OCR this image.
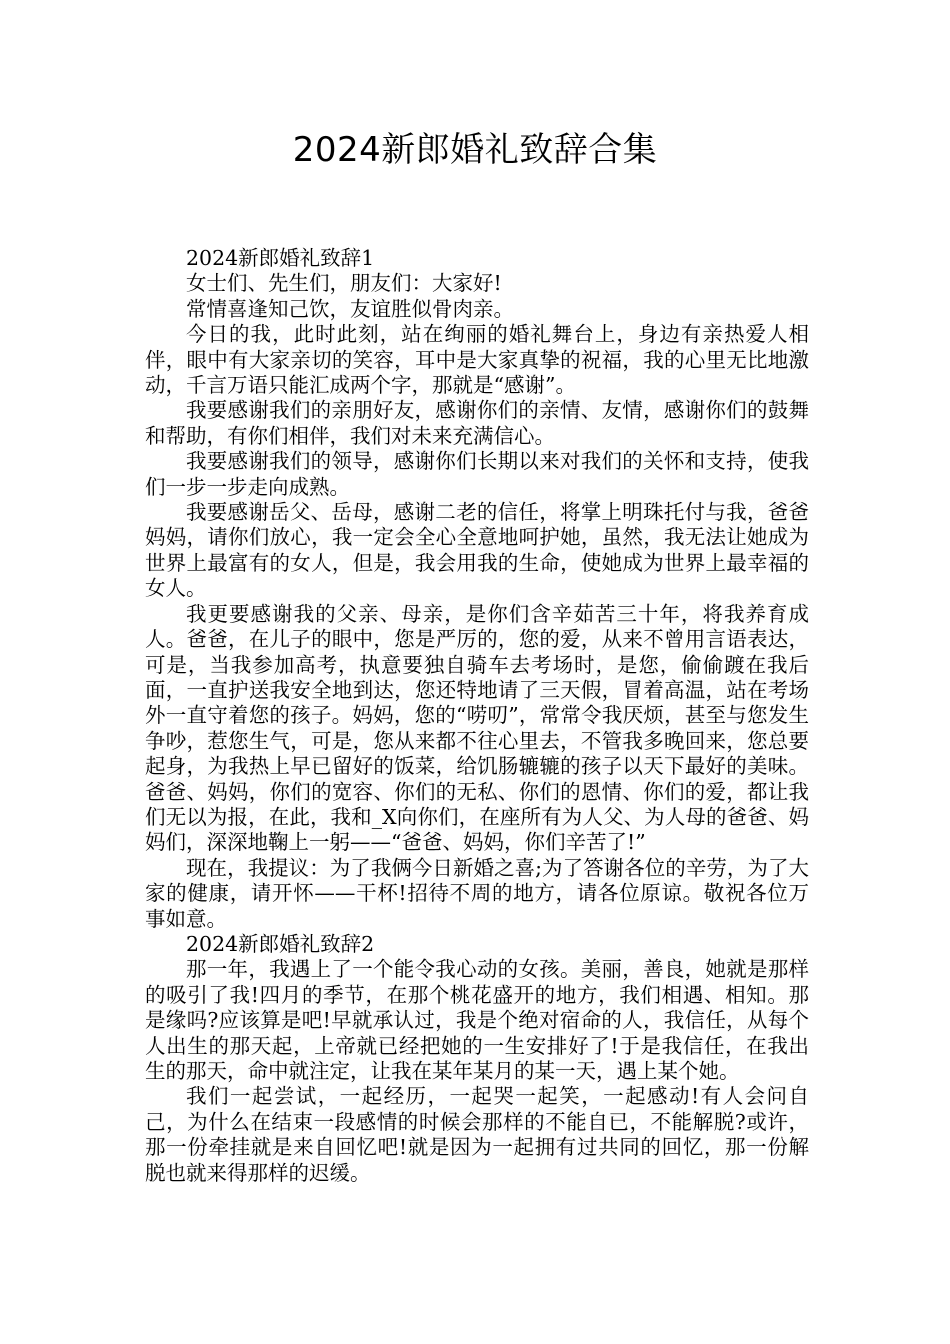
2024新郎婚礼致辞合集

2024新郎婚礼致辞1

女士们、先生们，朋友们：大家好!

常情喜逢知己饮，友谊胜似骨肉亲。

今日的我，此时此刻，站在绚丽的婚礼舞台上，身边有亲热爱人相伴，眼中有大家亲切的笑容，耳中是大家真挚的祝福，我的心里无比地激动，千言万语只能汇成两个字，那就是“感谢”。

我要感谢我们的亲朋好友，感谢你们的亲情、友情，感谢你们的鼓舞和帮助，有你们相伴，我们对未来充满信心。

我要感谢我们的领导，感谢你们长期以来对我们的关怀和支持，使我们一步一步走向成熟。

我要感谢岳父、岳母，感谢二老的信任，将掌上明珠托付与我，爸爸妈妈，请你们放心，我一定会全心全意地呵护她，虽然，我无法让她成为世界上最富有的女人，但是，我会用我的生命，使她成为世界上最幸福的女人。

我更要感谢我的父亲、母亲，是你们含辛茹苦三十年，将我养育成人。爸爸，在儿子的眼中，您是严厉的，您的爱，从来不曾用言语表达，可是，当我参加高考，执意要独自骑车去考场时，是您，偷偷踱在我后面，一直护送我安全地到达，您还特地请了三天假，冒着高温，站在考场外一直守着您的孩子。妈妈，您的“唠叨”，常常令我厌烦，甚至与您发生争吵，惹您生气，可是，您从来都不往心里去，不管我多晚回来，您总要起身，为我热上早已留好的饭菜，给饥肠辘辘的孩子以天下最好的美味。爸爸、妈妈，你们的宽容、你们的无私、你们的恩情、你们的爱，都让我们无以为报，在此，我和_X向你们，在座所有为人父、为人母的爸爸、妈妈们，深深地鞠上一躬——“爸爸、妈妈，你们辛苦了!”

现在，我提议：为了我俩今日新婚之喜;为了答谢各位的辛劳，为了大家的健康，请开怀——干杯!招待不周的地方，请各位原谅。敬祝各位万事如意。

2024新郎婚礼致辞2

那一年，我遇上了一个能令我心动的女孩。美丽，善良，她就是那样的吸引了我!四月的季节，在那个桃花盛开的地方，我们相遇、相知。那是缘吗?应该算是吧!早就承认过，我是个绝对宿命的人，我信任，从每个人出生的那天起，上帝就已经把她的一生安排好了!于是我信任，在我出生的那天，命中就注定，让我在某年某月的某一天，遇上某个她。

我们一起尝试，一起经历，一起哭一起笑，一起感动!有人会问自己，为什么在结束一段感情的时候会那样的不能自已，不能解脱?或许，那一份牵挂就是来自回忆吧!就是因为一起拥有过共同的回忆，那一份解脱也就来得那样的迟缓。
